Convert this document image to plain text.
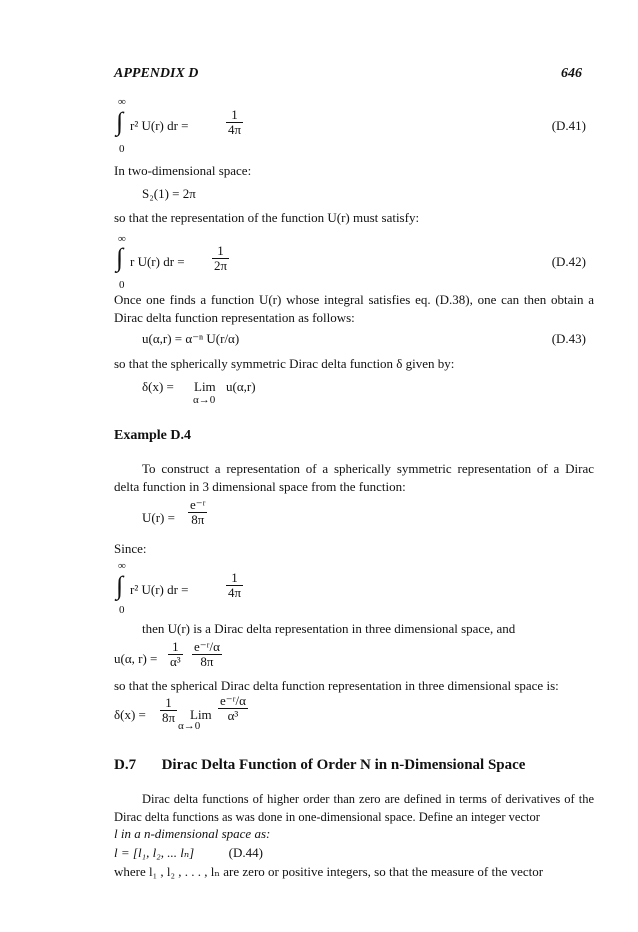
APPENDIX D	646
∞
∫ r² U(r) dr =	$\frac{1}{4\pi}$
0
(D.41)
In two-dimensional space:
S₂(1) = 2π
so that the representation of the function U(r) must satisfy:
∞
∫ r U(r) dr = $\frac{1}{2\pi}$
0
(D.42)
Once one finds a function U(r) whose integral satisfies eq. (D.38), one can then obtain a Dirac delta function representation as follows:
u(α,r) = α⁻ⁿ U(r/α)	(D.43)
so that the spherically symmetric Dirac delta function δ given by:
δ(x) = Lim u(α,r)
α→0
Example D.4
To construct a representation of a spherically symmetric representation of a Dirac delta function in 3 dimensional space from the function:
$U(r) = \frac{\text{e⁻ʳ}}{8\pi}$
Since:
∞
∫ r² U(r) dr =	$\frac{1}{4\pi}$
0
then U(r) is a Dirac delta representation in three dimensional space, and
u(α, $r) = \frac{1}{\text{α³}} \frac{\text{e⁻ʳ/α}}{8\pi}$
so that the spherical Dirac delta function representation in three dimensional space is:
$\delta(x) = \frac{1}{8\pi}$ Lim
α→0
$\frac{\text{e⁻ʳ/α}}{\text{α³}}$
D.7 Dirac Delta Function of Order N in n-Dimensional Space
Dirac delta functions of higher order than zero are defined in terms of derivatives of the Dirac delta functions as was done in one-dimensional space. Define an integer vector
l in a n-dimensional space as:
l = [l₁, l₂, ... lₙ]	(D.44)
where l₁ , l₂ , . . . , lₙ are zero or positive integers, so that the measure of the vector
